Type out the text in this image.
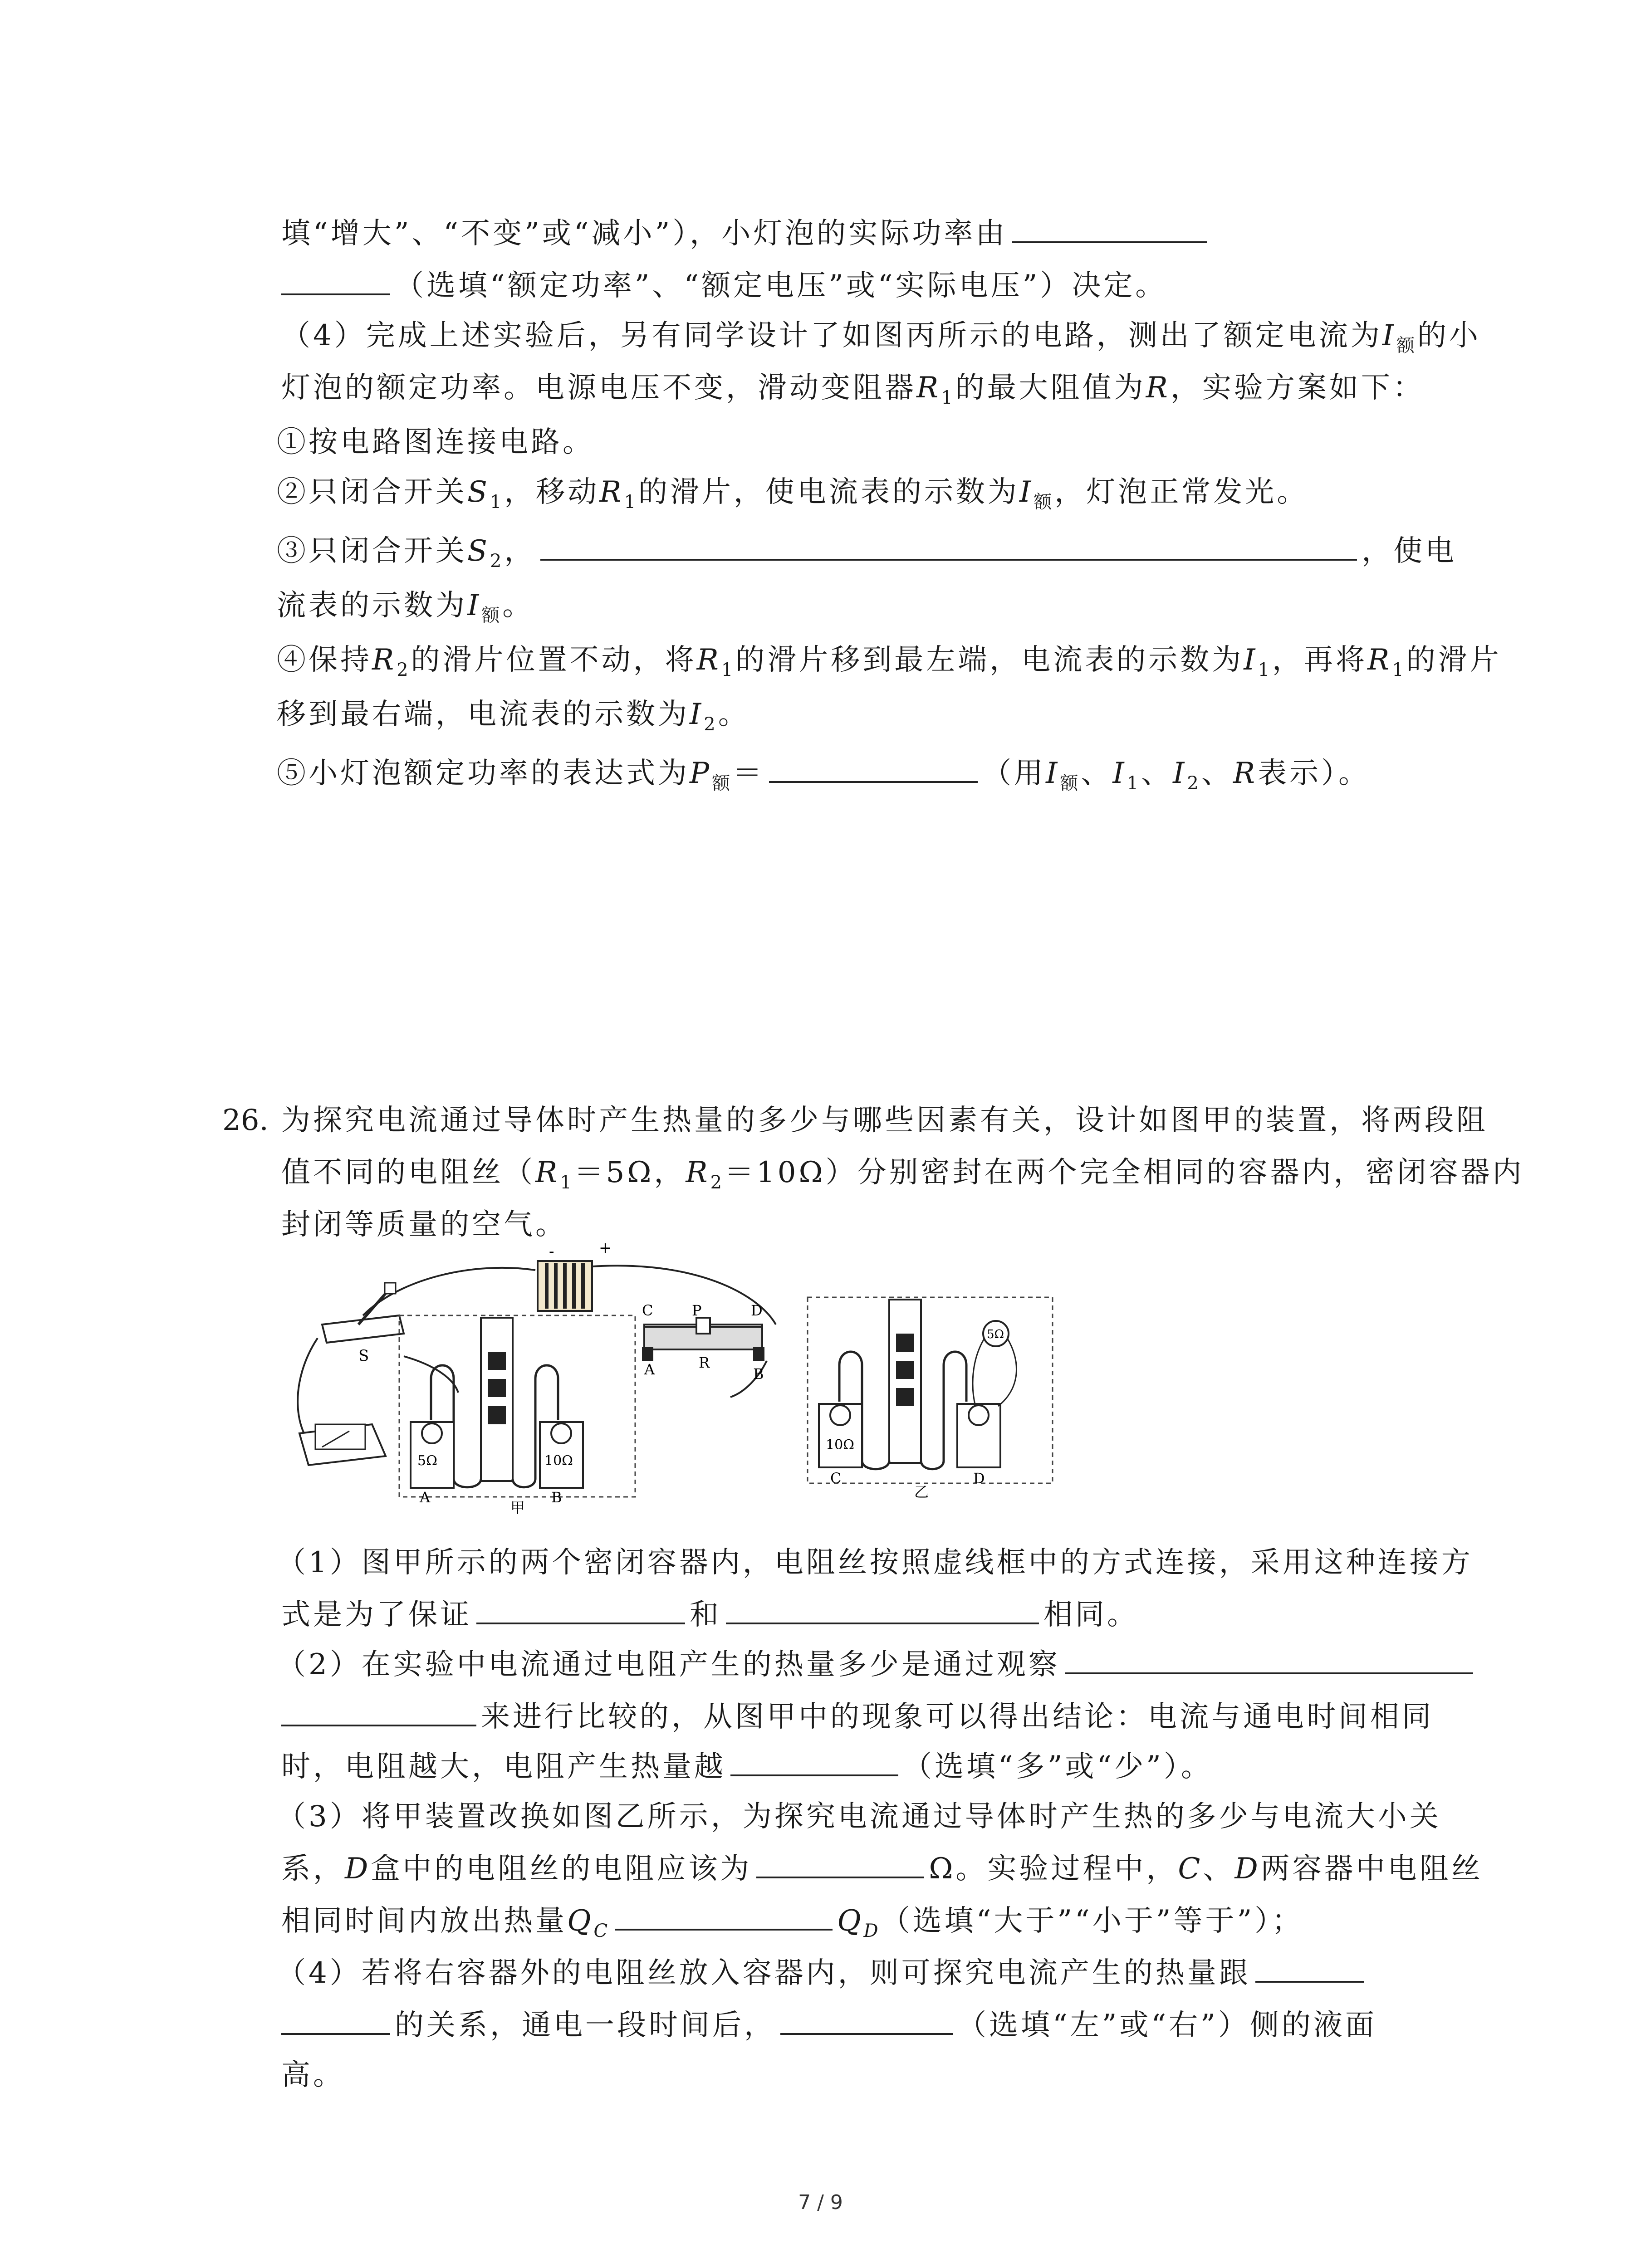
填“增大”、“不变”或“减小”），小灯泡的实际功率由
（选填“额定功率”、“额定电压”或“实际电压”）决定。
（4）完成上述实验后，另有同学设计了如图丙所示的电路，测出了额定电流为$I_额$的小
灯泡的额定功率。电源电压不变，滑动变阻器$R_1$的最大阻值为R，实验方案如下：
①按电路图连接电路。
②只闭合开关$S_1$，移动$R_1$的滑片，使电流表的示数为$I_额$，灯泡正常发光。
③只闭合开关$S_2$，	，使电
流表的示数为$I_额$。
④保持$R_2$的滑片位置不动，将$R_1$的滑片移到最左端，电流表的示数为$I_1$，再将$R_1$的滑片
移到最右端，电流表的示数为$I_2$。
⑤小灯泡额定功率的表达式为$P_额=$	（用$I_额$、$I_1$、$I_2$、R表示）。
26. 为探究电流通过导体时产生热量的多少与哪些因素有关，设计如图甲的装置，将两段阻
值不同的电阻丝（$R_1=5\Omega$，$R_2=10\Omega$）分别密封在两个完全相同的容器内，密闭容器内
封闭等质量的空气。
S
-	+
C	P	D
A	R
B
5Ω	10Ω
A	B
甲
10Ω
5Ω
C	D
乙
（1）图甲所示的两个密闭容器内，电阻丝按照虚线框中的方式连接，采用这种连接方
式是为了保证	和	相同。
（2）在实验中电流通过电阻产生的热量多少是通过观察
来进行比较的，从图甲中的现象可以得出结论：电流与通电时间相同
时，电阻越大，电阻产生热量越	（选填“多”或“少”）。
（3）将甲装置改换如图乙所示，为探究电流通过导体时产生热的多少与电流大小关
系，D盒中的电阻丝的电阻应该为	Ω。实验过程中，C、D两容器中电阻丝
相同时间内放出热量$Q_C$	$Q_D$（选填“大于”“小于”等于”）；
（4）若将右容器外的电阻丝放入容器内，则可探究电流产生的热量跟
的关系，通电一段时间后，	（选填“左”或“右”）侧的液面
高。
7 / 9
